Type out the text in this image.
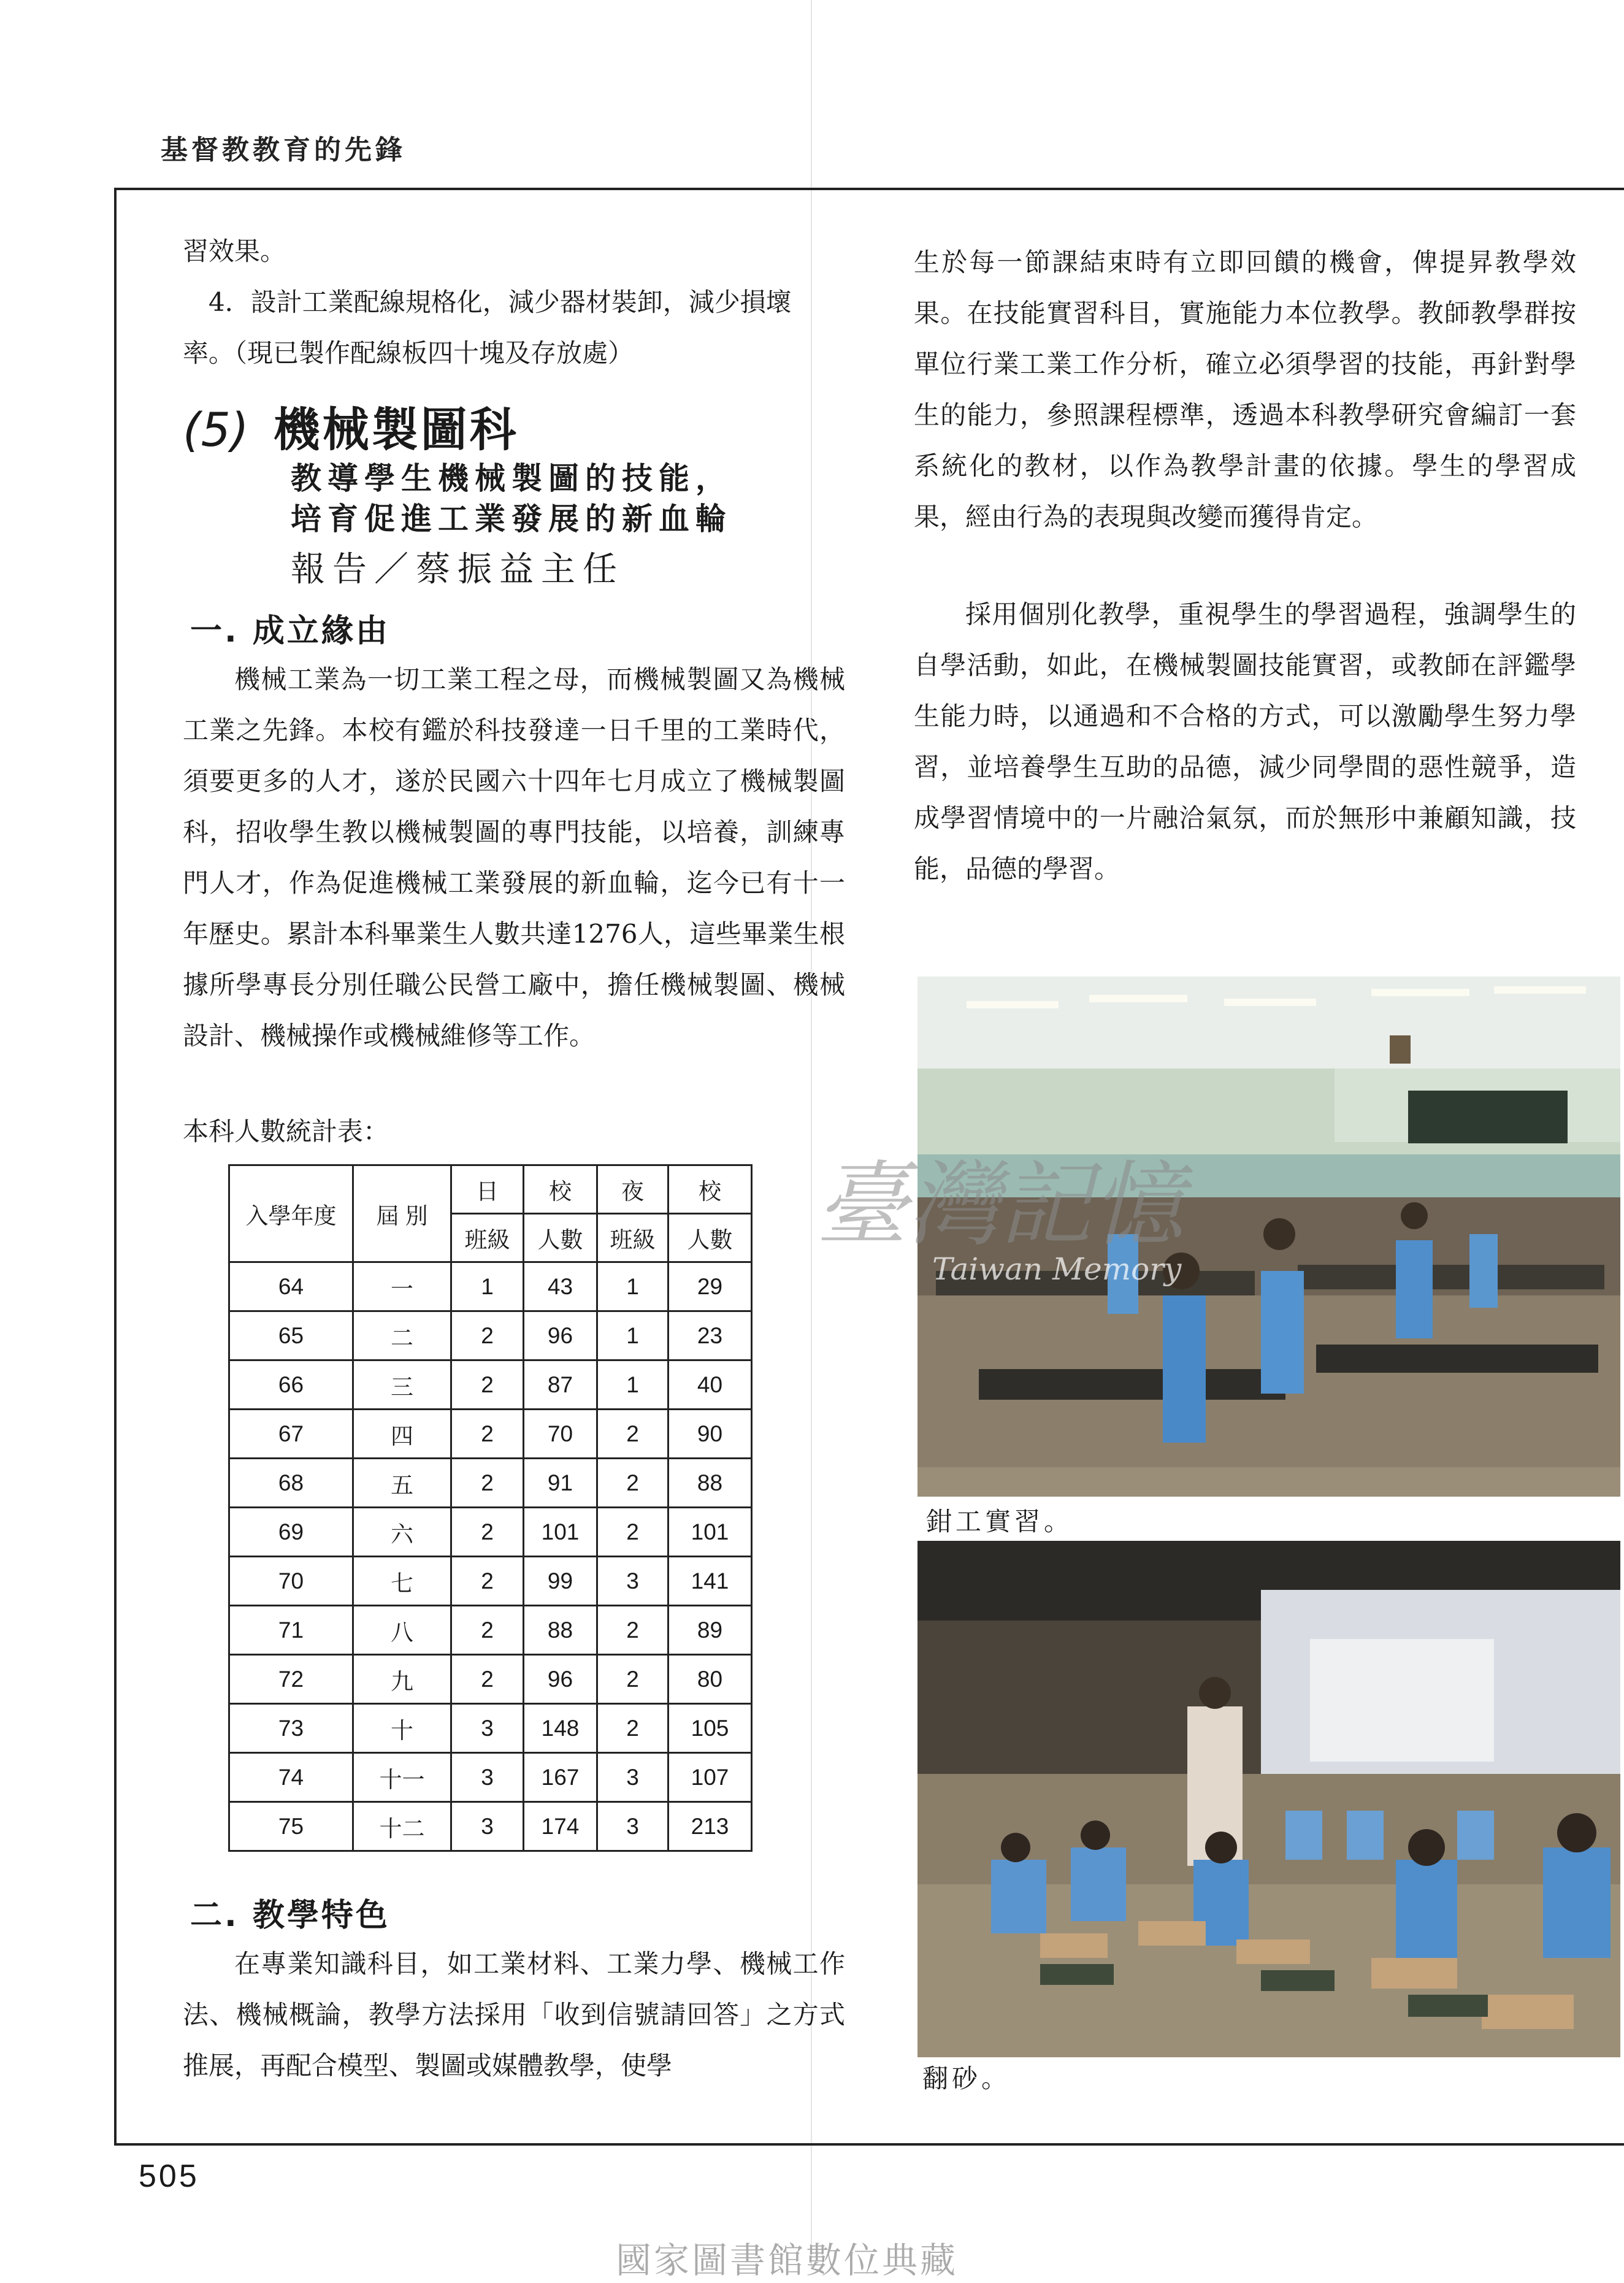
基督教教育的先鋒

習效果。

4．設計工業配線規格化，減少器材裝卸，減少損壞

率。（現已製作配線板四十塊及存放處）

(5) 機械製圖科
教導學生機械製圖的技能，
培育促進工業發展的新血輪
報告／蔡振益主任
一. 成立緣由

機械工業為一切工業工程之母，而機械製圖又為機械工業之先鋒。本校有鑑於科技發達一日千里的工業時代，須要更多的人才，遂於民國六十四年七月成立了機械製圖科，招收學生教以機械製圖的專門技能，以培養，訓練專門人才，作為促進機械工業發展的新血輪，迄今已有十一年歷史。累計本科畢業生人數共達1276人，這些畢業生根據所學專長分別任職公民營工廠中，擔任機械製圖、機械設計、機械操作或機械維修等工作。

本科人數統計表：
入學年度	屆 別	日	校	夜	校
		班級	人數	班級	人數
64	一	1	43	1	29
65	二	2	96	1	23
66	三	2	87	1	40
67	四	2	70	2	90
68	五	2	91	2	88
69	六	2	101	2	101
70	七	2	99	3	141
71	八	2	88	2	89
72	九	2	96	2	80
73	十	3	148	2	105
74	十一	3	167	3	107
75	十二	3	174	3	213
二. 教學特色

在專業知識科目，如工業材料、工業力學、機械工作法、機械概論，教學方法採用「收到信號請回答」之方式推展，再配合模型、製圖或媒體教學，使學

生於每一節課結束時有立即回饋的機會，俾提昇教學效果。在技能實習科目，實施能力本位教學。教師教學群按單位行業工業工作分析，確立必須學習的技能，再針對學生的能力，參照課程標準，透過本科教學研究會編訂一套系統化的教材，以作為教學計畫的依據。學生的學習成果，經由行為的表現與改變而獲得肯定。

採用個別化教學，重視學生的學習過程，強調學生的自學活動，如此，在機械製圖技能實習，或教師在評鑑學生能力時，以通過和不合格的方式，可以激勵學生努力學習，並培養學生互助的品德，減少同學間的惡性競爭，造成學習情境中的一片融洽氣氛，而於無形中兼顧知識，技能，品德的學習。

鉗工實習。
翻砂。
臺灣記憶
Taiwan Memory
505
國家圖書館數位典藏
